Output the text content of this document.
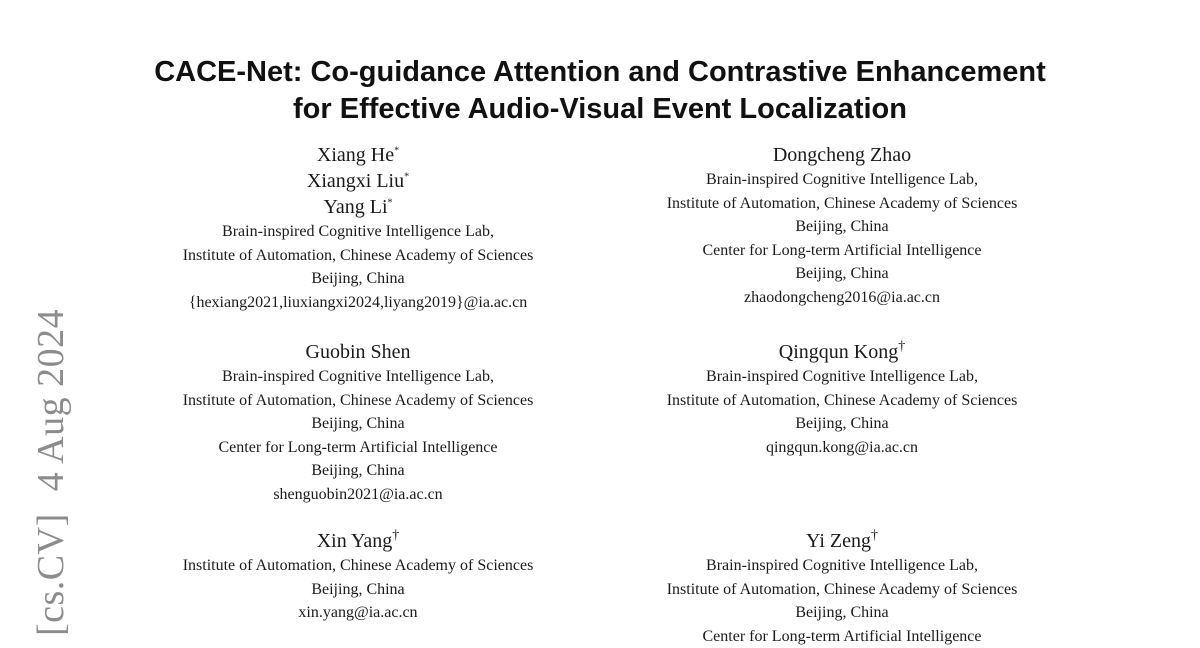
CACE-Net: Co-guidance Attention and Contrastive Enhancement
for Effective Audio-Visual Event Localization
[cs.CV]4 Aug 2024
Xiang He*
Xiangxi Liu*
Yang Li*
Brain-inspired Cognitive Intelligence Lab,
Institute of Automation, Chinese Academy of Sciences
Beijing, China
{hexiang2021,liuxiangxi2024,liyang2019}@ia.ac.cn
Dongcheng Zhao
Brain-inspired Cognitive Intelligence Lab,
Institute of Automation, Chinese Academy of Sciences
Beijing, China
Center for Long-term Artificial Intelligence
Beijing, China
zhaodongcheng2016@ia.ac.cn
Guobin Shen
Brain-inspired Cognitive Intelligence Lab,
Institute of Automation, Chinese Academy of Sciences
Beijing, China
Center for Long-term Artificial Intelligence
Beijing, China
shenguobin2021@ia.ac.cn
Qingqun Kong†
Brain-inspired Cognitive Intelligence Lab,
Institute of Automation, Chinese Academy of Sciences
Beijing, China
qingqun.kong@ia.ac.cn
Xin Yang†
Institute of Automation, Chinese Academy of Sciences
Beijing, China
xin.yang@ia.ac.cn
Yi Zeng†
Brain-inspired Cognitive Intelligence Lab,
Institute of Automation, Chinese Academy of Sciences
Beijing, China
Center for Long-term Artificial Intelligence
